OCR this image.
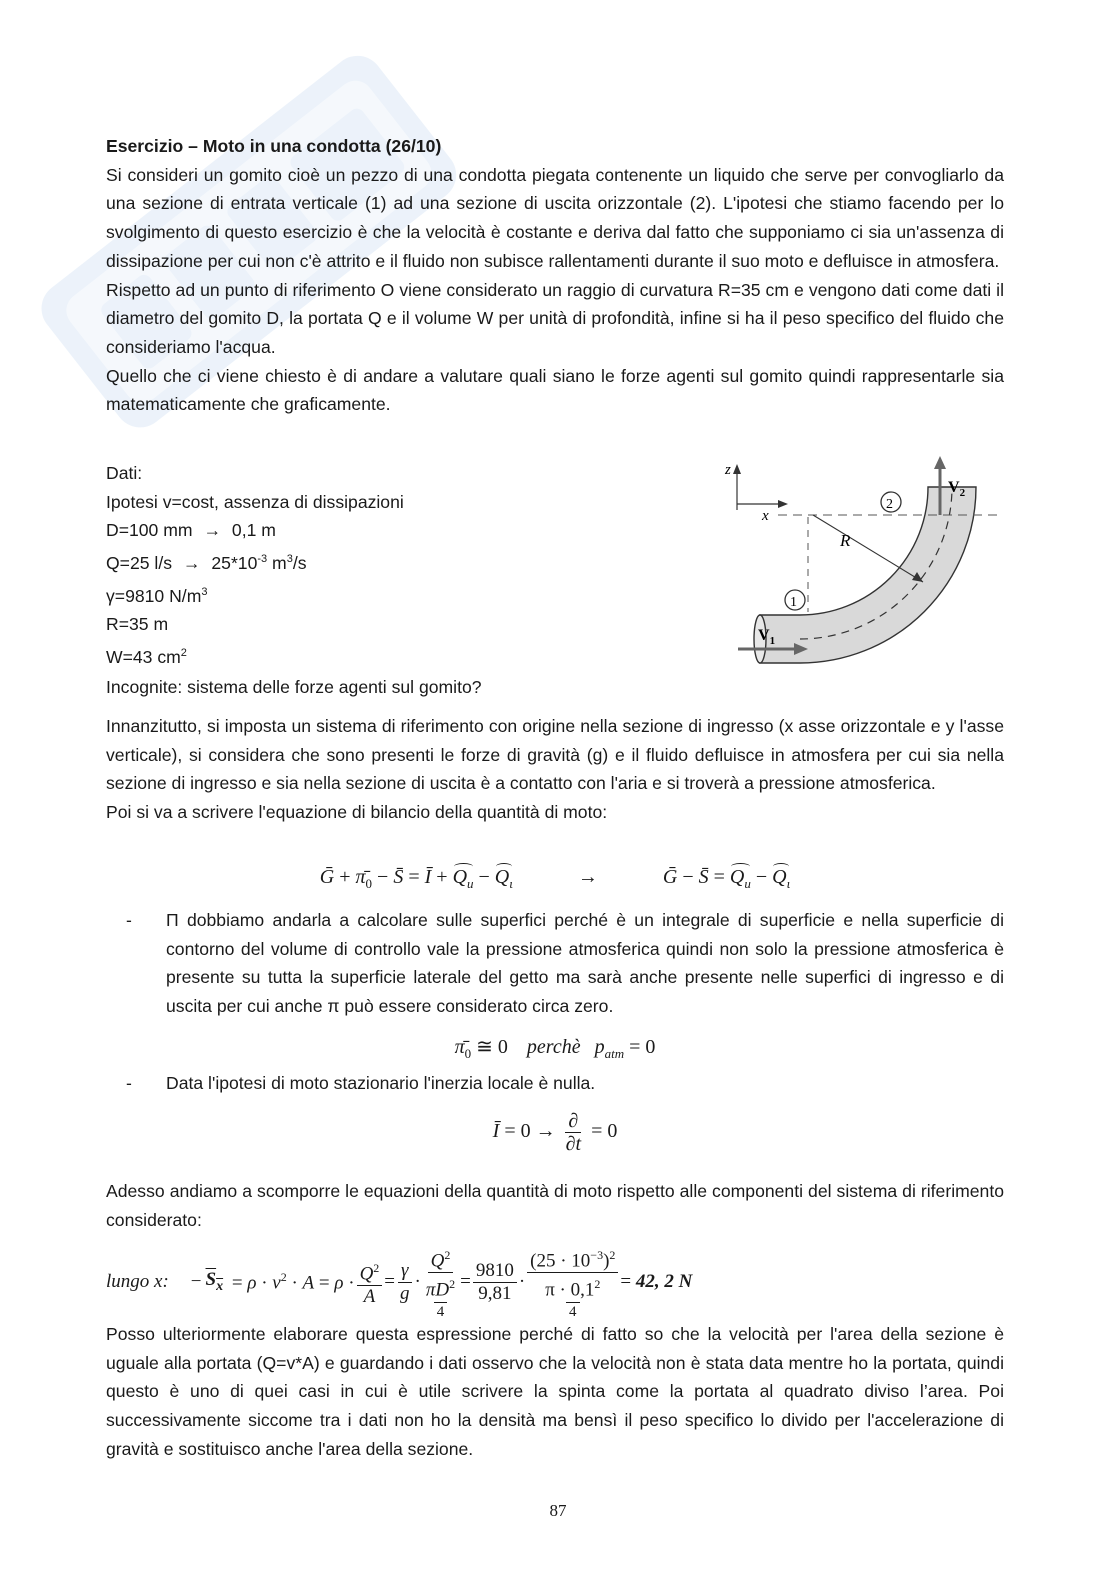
Esercizio – Moto in una condotta (26/10)

Si consideri un gomito cioè un pezzo di una condotta piegata contenente un liquido che serve per convogliarlo da una sezione di entrata verticale (1) ad una sezione di uscita orizzontale (2). L'ipotesi che stiamo facendo per lo svolgimento di questo esercizio è che la velocità è costante e deriva dal fatto che supponiamo ci sia un'assenza di dissipazione per cui non c'è attrito e il fluido non subisce rallentamenti durante il suo moto e defluisce in atmosfera.

Rispetto ad un punto di riferimento O viene considerato un raggio di curvatura R=35 cm e vengono dati come dati il diametro del gomito D, la portata Q e il volume W per unità di profondità, infine si ha il peso specifico del fluido che consideriamo l'acqua.

Quello che ci viene chiesto è di andare a valutare quali siano le forze agenti sul gomito quindi rappresentarle sia matematicamente che graficamente.

Dati:

Ipotesi v=cost, assenza di dissipazioni

D=100 mm → 0,1 m

Q=25 $l/s \to 25*10^{-3}$ $m^3/s$

γ=9810 $N/m^3$

R=35 m

W=43 $cm^2$

Incognite: sistema delle forze agenti sul gomito?

z
x
R
1
2
$V_1$
$V_2$

Innanzitutto, si imposta un sistema di riferimento con origine nella sezione di ingresso (x asse orizzontale e y l'asse verticale), si considera che sono presenti le forze di gravità (g) e il fluido defluisce in atmosfera per cui sia nella sezione di ingresso e sia nella sezione di uscita è a contatto con l'aria e si troverà a pressione atmosferica.

Poi si va a scrivere l'equazione di bilancio della quantità di moto:

Ḡ + $\pī_0$ − S̄ = Ī + $Q_u - Q_\iota$	→	Ḡ − S̄ = $Q_u - Q_\iota$
-	Π dobbiamo andarla a calcolare sulle superfici perché è un integrale di superficie e nella superficie di contorno del volume di controllo vale la pressione atmosferica quindi non solo la pressione atmosferica è presente su tutta la superficie laterale del getto ma sarà anche presente nelle superfici di ingresso e di uscita per cui anche π può essere considerato circa zero.

$\pī_0$ ≅ 0 perchè $p_{atm} = 0$
-	Data l'ipotesi di moto stazionario l'inerzia locale è nulla.

Ī = $0 \to \frac{\partial}{\partial t} = 0$

Adesso andiamo a scomporre le equazioni della quantità di moto rispetto alle componenti del sistema di riferimento considerato:

lungo x: − $S_x = \rho \cdot v^2 \cdot A = \rho \cdot \frac{Q^2}{A} = \frac{\gamma}{g}$ ·
$Q^2$
$\pi D^2$
4
= $\frac{9810}{9,81}$ ·
$(25 \cdot 10^{-3})^2$
$\pi \cdot 0,1^2$
4
= 42, 2 N

Posso ulteriormente elaborare questa espressione perché di fatto so che la velocità per l'area della sezione è uguale alla portata (Q=v*A) e guardando i dati osservo che la velocità non è stata data mentre ho la portata, quindi questo è uno di quei casi in cui è utile scrivere la spinta come la portata al quadrato diviso l’area. Poi successivamente siccome tra i dati non ho la densità ma bensì il peso specifico lo divido per l'accelerazione di gravità e sostituisco anche l'area della sezione.

87
